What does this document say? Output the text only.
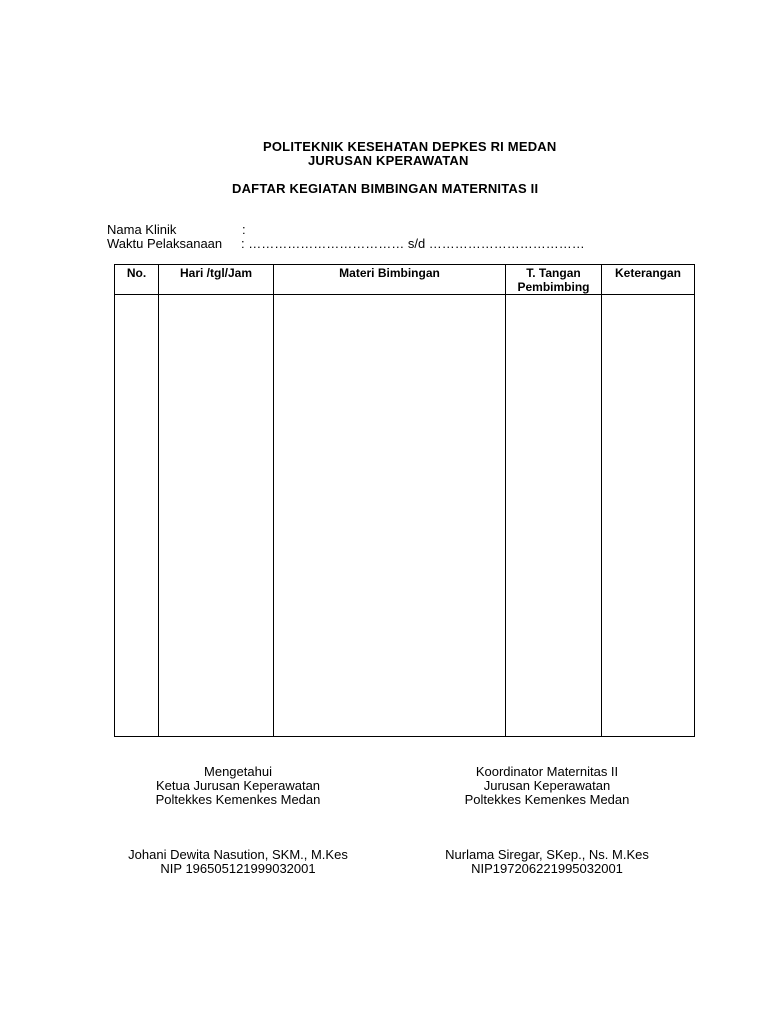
POLITEKNIK KESEHATAN DEPKES RI MEDAN
JURUSAN KPERAWATAN
DAFTAR KEGIATAN BIMBINGAN MATERNITAS II
Nama Klinik	:
Waktu Pelaksanaan : ……………………………… s/d ………………………………
No.	Hari /tgl/Jam	Materi Bimbingan	T. Tangan Pembimbing	Keterangan

Mengetahui
Ketua Jurusan Keperawatan
Poltekkes Kemenkes Medan
Johani Dewita Nasution, SKM., M.Kes
NIP 196505121999032001
Koordinator Maternitas II
Jurusan Keperawatan
Poltekkes Kemenkes Medan
Nurlama Siregar, SKep., Ns. M.Kes
NIP197206221995032001
